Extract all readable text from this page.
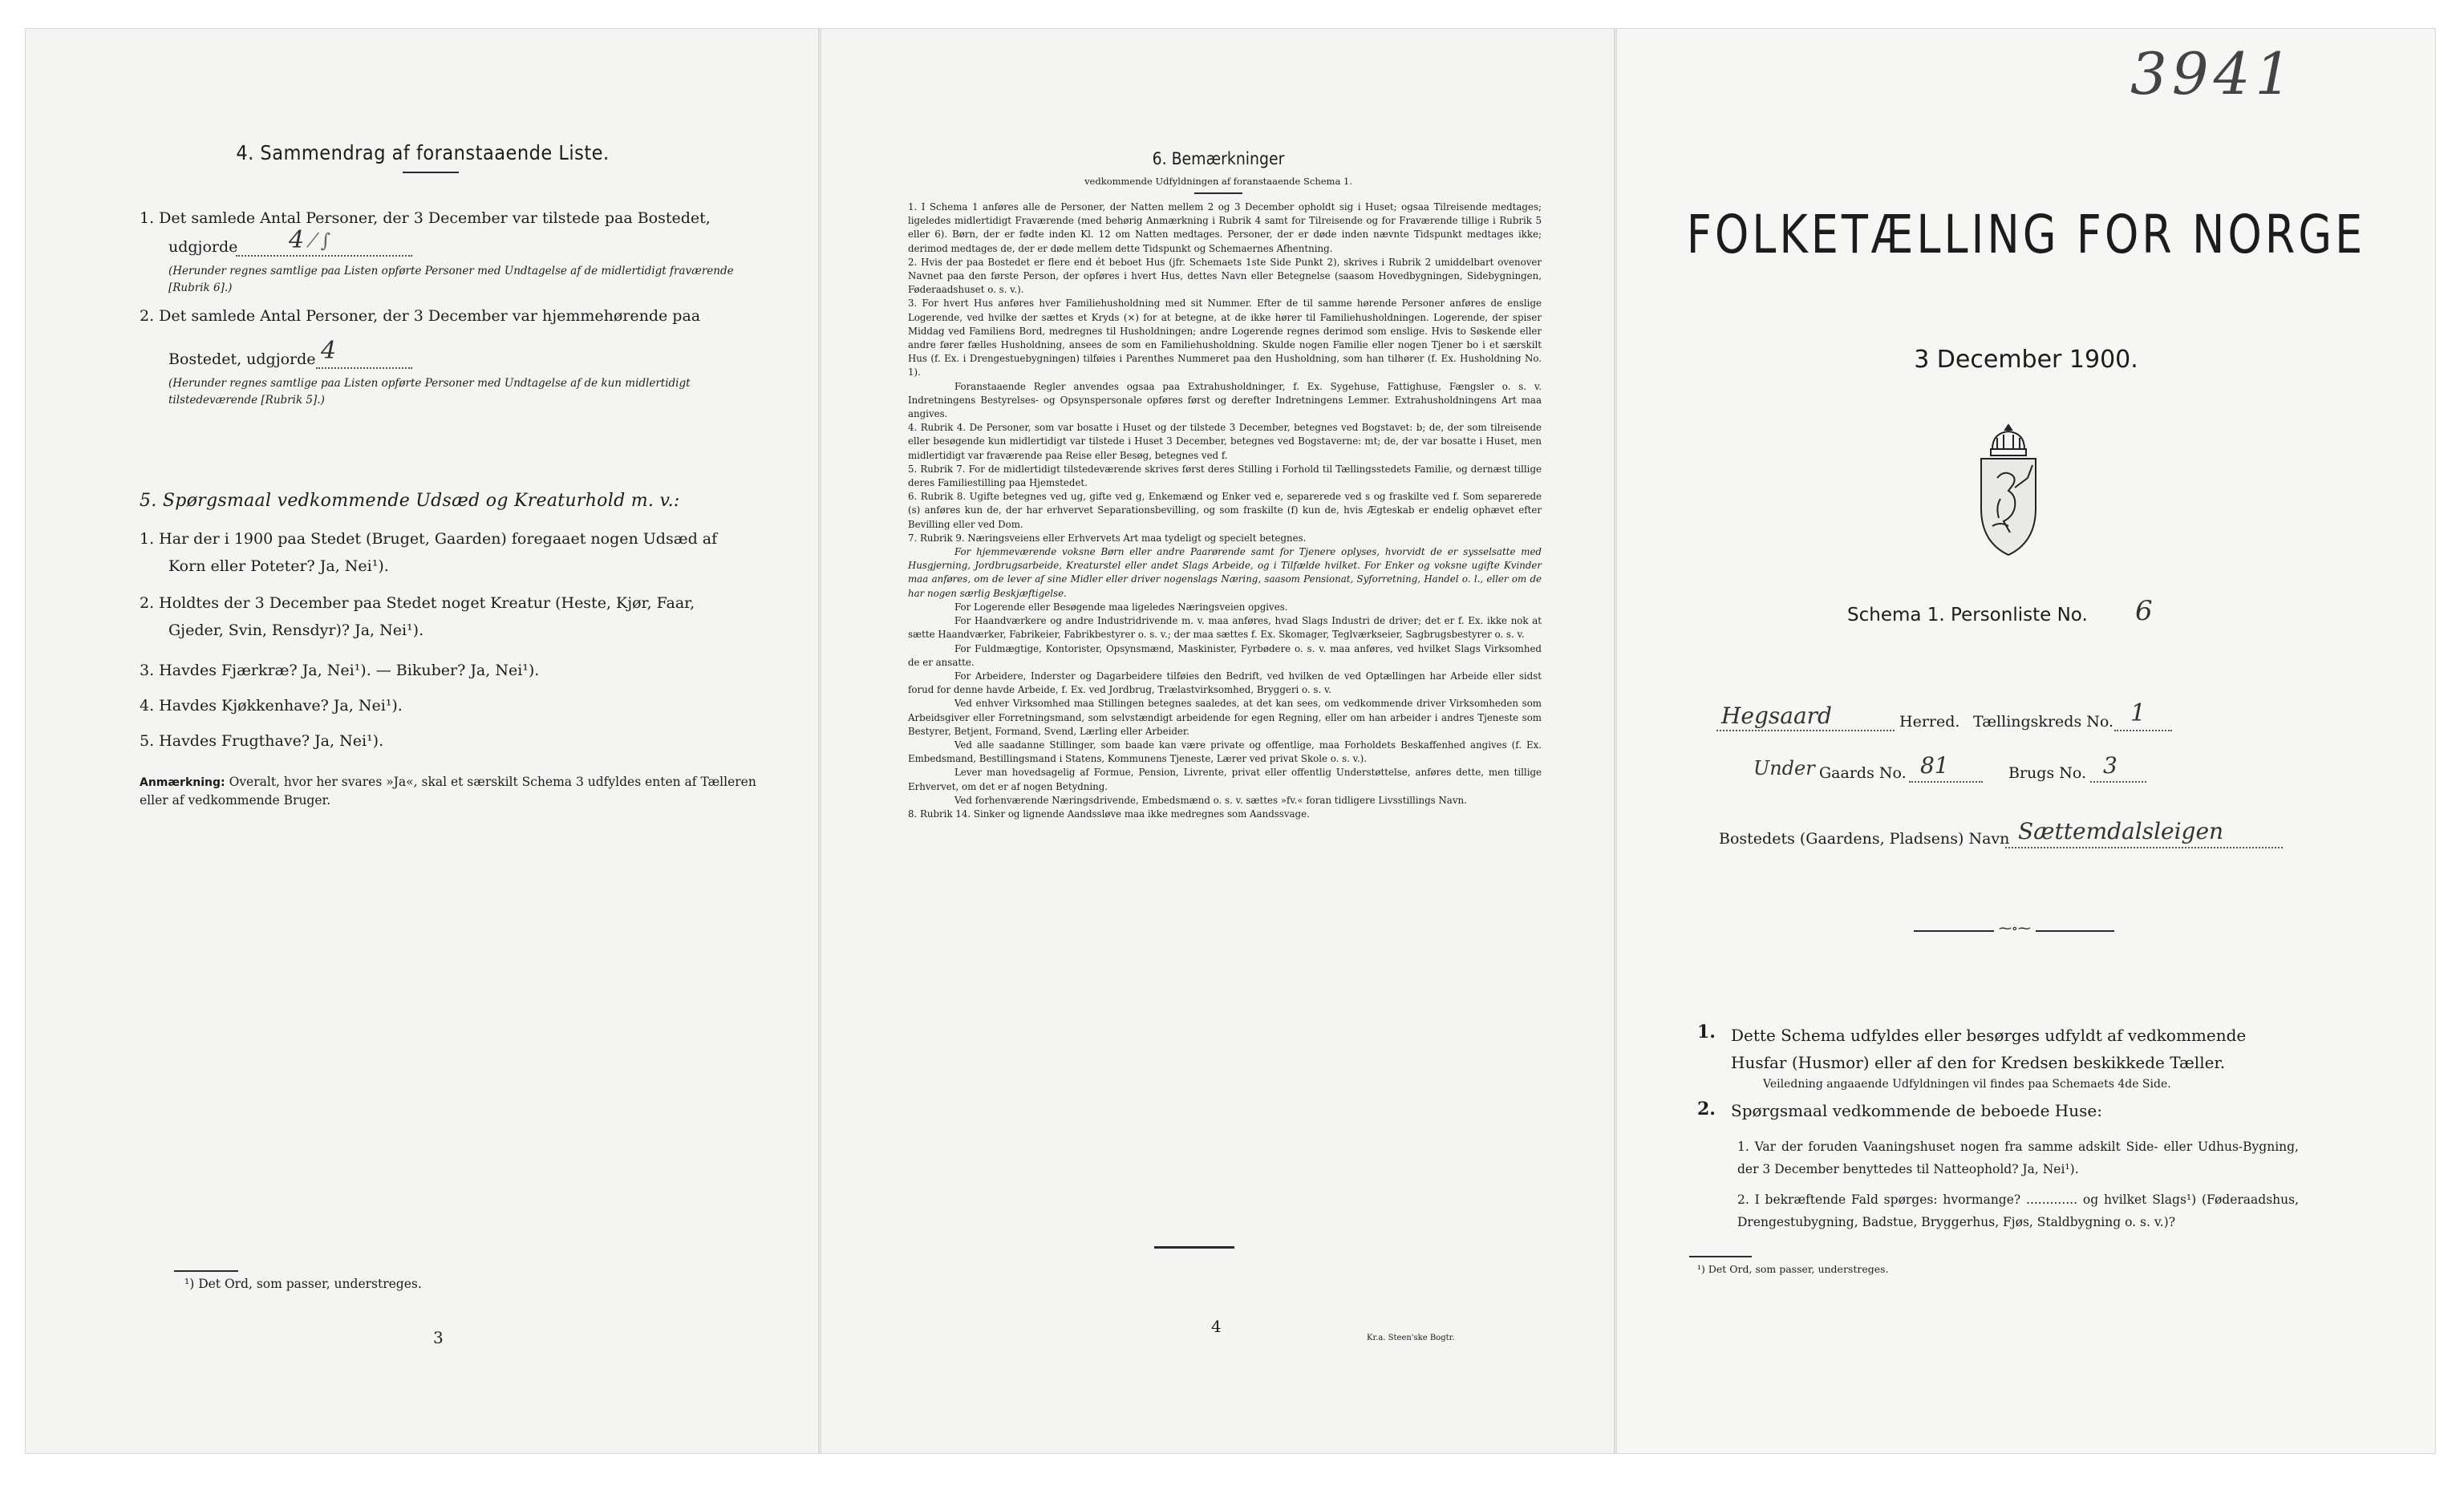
4. Sammendrag af foranstaaende Liste.

1. Det samlede Antal Personer, der 3 December var tilstede paa Bostedet,

udgjorde 4 ⁄ ∫

(Herunder regnes samtlige paa Listen opførte Personer med Undtagelse af de midlertidigt fraværende [Rubrik 6].)

2. Det samlede Antal Personer, der 3 December var hjemmehørende paa

Bostedet, udgjorde 4

(Herunder regnes samtlige paa Listen opførte Personer med Undtagelse af de kun midlertidigt tilstedeværende [Rubrik 5].)

5. Spørgsmaal vedkommende Udsæd og Kreaturhold m. v.:

1. Har der i 1900 paa Stedet (Bruget, Gaarden) foregaaet nogen Udsæd af

Korn eller Poteter? Ja, Nei¹).

2. Holdtes der 3 December paa Stedet noget Kreatur (Heste, Kjør, Faar,

Gjeder, Svin, Rensdyr)? Ja, Nei¹).

3. Havdes Fjærkræ? Ja, Nei¹). — Bikuber? Ja, Nei¹).

4. Havdes Kjøkkenhave? Ja, Nei¹).

5. Havdes Frugthave? Ja, Nei¹).

Anmærkning: Overalt, hvor her svares »Ja«, skal et særskilt Schema 3 udfyldes enten af Tælleren eller af vedkommende Bruger.

¹) Det Ord, som passer, understreges.

3
6. Bemærkninger
vedkommende Udfyldningen af foranstaaende Schema 1.

1. I Schema 1 anføres alle de Personer, der Natten mellem 2 og 3 December opholdt sig i Huset; ogsaa Tilreisende medtages; ligeledes midlertidigt Fraværende (med behørig Anmærkning i Rubrik 4 samt for Tilreisende og for Fraværende tillige i Rubrik 5 eller 6). Børn, der er fødte inden Kl. 12 om Natten medtages. Personer, der er døde inden nævnte Tidspunkt medtages ikke; derimod medtages de, der er døde mellem dette Tidspunkt og Schemaernes Afhentning.

2. Hvis der paa Bostedet er flere end ét beboet Hus (jfr. Schemaets 1ste Side Punkt 2), skrives i Rubrik 2 umiddelbart ovenover Navnet paa den første Person, der opføres i hvert Hus, dettes Navn eller Betegnelse (saasom Hovedbygningen, Sidebygningen, Føderaadshuset o. s. v.).

3. For hvert Hus anføres hver Familiehusholdning med sit Nummer. Efter de til samme hørende Personer anføres de enslige Logerende, ved hvilke der sættes et Kryds (×) for at betegne, at de ikke hører til Familiehusholdningen. Logerende, der spiser Middag ved Familiens Bord, medregnes til Husholdningen; andre Logerende regnes derimod som enslige. Hvis to Søskende eller andre fører fælles Husholdning, ansees de som en Familiehusholdning. Skulde nogen Familie eller nogen Tjener bo i et særskilt Hus (f. Ex. i Drengestuebygningen) tilføies i Parenthes Nummeret paa den Husholdning, som han tilhører (f. Ex. Husholdning No. 1).

Foranstaaende Regler anvendes ogsaa paa Extrahusholdninger, f. Ex. Sygehuse, Fattighuse, Fængsler o. s. v. Indretningens Bestyrelses- og Opsynspersonale opføres først og derefter Indretningens Lemmer. Extrahusholdningens Art maa angives.

4. Rubrik 4. De Personer, som var bosatte i Huset og der tilstede 3 December, betegnes ved Bogstavet: b; de, der som tilreisende eller besøgende kun midlertidigt var tilstede i Huset 3 December, betegnes ved Bogstaverne: mt; de, der var bosatte i Huset, men midlertidigt var fraværende paa Reise eller Besøg, betegnes ved f.

5. Rubrik 7. For de midlertidigt tilstedeværende skrives først deres Stilling i Forhold til Tællingsstedets Familie, og dernæst tillige deres Familiestilling paa Hjemstedet.

6. Rubrik 8. Ugifte betegnes ved ug, gifte ved g, Enkemænd og Enker ved e, separerede ved s og fraskilte ved f. Som separerede (s) anføres kun de, der har erhvervet Separationsbevilling, og som fraskilte (f) kun de, hvis Ægteskab er endelig ophævet efter Bevilling eller ved Dom.

7. Rubrik 9. Næringsveiens eller Erhvervets Art maa tydeligt og specielt betegnes.

For hjemmeværende voksne Børn eller andre Paarørende samt for Tjenere oplyses, hvorvidt de er sysselsatte med Husgjerning, Jordbrugsarbeide, Kreaturstel eller andet Slags Arbeide, og i Tilfælde hvilket. For Enker og voksne ugifte Kvinder maa anføres, om de lever af sine Midler eller driver nogenslags Næring, saasom Pensionat, Syforretning, Handel o. l., eller om de har nogen særlig Beskjæftigelse.

For Logerende eller Besøgende maa ligeledes Næringsveien opgives.

For Haandværkere og andre Industridrivende m. v. maa anføres, hvad Slags Industri de driver; det er f. Ex. ikke nok at sætte Haandværker, Fabrikeier, Fabrikbestyrer o. s. v.; der maa sættes f. Ex. Skomager, Teglværkseier, Sagbrugsbestyrer o. s. v.

For Fuldmægtige, Kontorister, Opsynsmænd, Maskinister, Fyrbødere o. s. v. maa anføres, ved hvilket Slags Virksomhed de er ansatte.

For Arbeidere, Inderster og Dagarbeidere tilføies den Bedrift, ved hvilken de ved Optællingen har Arbeide eller sidst forud for denne havde Arbeide, f. Ex. ved Jordbrug, Trælastvirksomhed, Bryggeri o. s. v.

Ved enhver Virksomhed maa Stillingen betegnes saaledes, at det kan sees, om vedkommende driver Virksomheden som Arbeidsgiver eller Forretningsmand, som selvstændigt arbeidende for egen Regning, eller om han arbeider i andres Tjeneste som Bestyrer, Betjent, Formand, Svend, Lærling eller Arbeider.

Ved alle saadanne Stillinger, som baade kan være private og offentlige, maa Forholdets Beskaffenhed angives (f. Ex. Embedsmand, Bestillingsmand i Statens, Kommunens Tjeneste, Lærer ved privat Skole o. s. v.).

Lever man hovedsagelig af Formue, Pension, Livrente, privat eller offentlig Understøttelse, anføres dette, men tillige Erhvervet, om det er af nogen Betydning.

Ved forhenværende Næringsdrivende, Embedsmænd o. s. v. sættes »fv.« foran tidligere Livsstillings Navn.

8. Rubrik 14. Sinker og lignende Aandssløve maa ikke medregnes som Aandssvage.

4
Kr.a. Steen'ske Bogtr.
3941
FOLKETÆLLING FOR NORGE
3 December 1900.
Schema 1. Personliste No. 6
Hegsaard	Herred. Tællingskreds No. 1
Under Gaards No. 81	Brugs No. 3
Bostedets (Gaardens, Pladsens) Navn Sættemdalsleigen
⁓∘⁓
1. Dette Schema udfyldes eller besørges udfyldt af vedkommende Husfar (Husmor) eller af den for Kredsen beskikkede Tæller.

Veiledning angaaende Udfyldningen vil findes paa Schemaets 4de Side.

2. Spørgsmaal vedkommende de beboede Huse:

1. Var der foruden Vaaningshuset nogen fra samme adskilt Side- eller Udhus-Bygning, der 3 December benyttedes til Natteophold? Ja, Nei¹).

2. I bekræftende Fald spørges: hvormange? ............. og hvilket Slags¹) (Føderaadshus, Drengestubygning, Badstue, Bryggerhus, Fjøs, Staldbygning o. s. v.)?

¹) Det Ord, som passer, understreges.
